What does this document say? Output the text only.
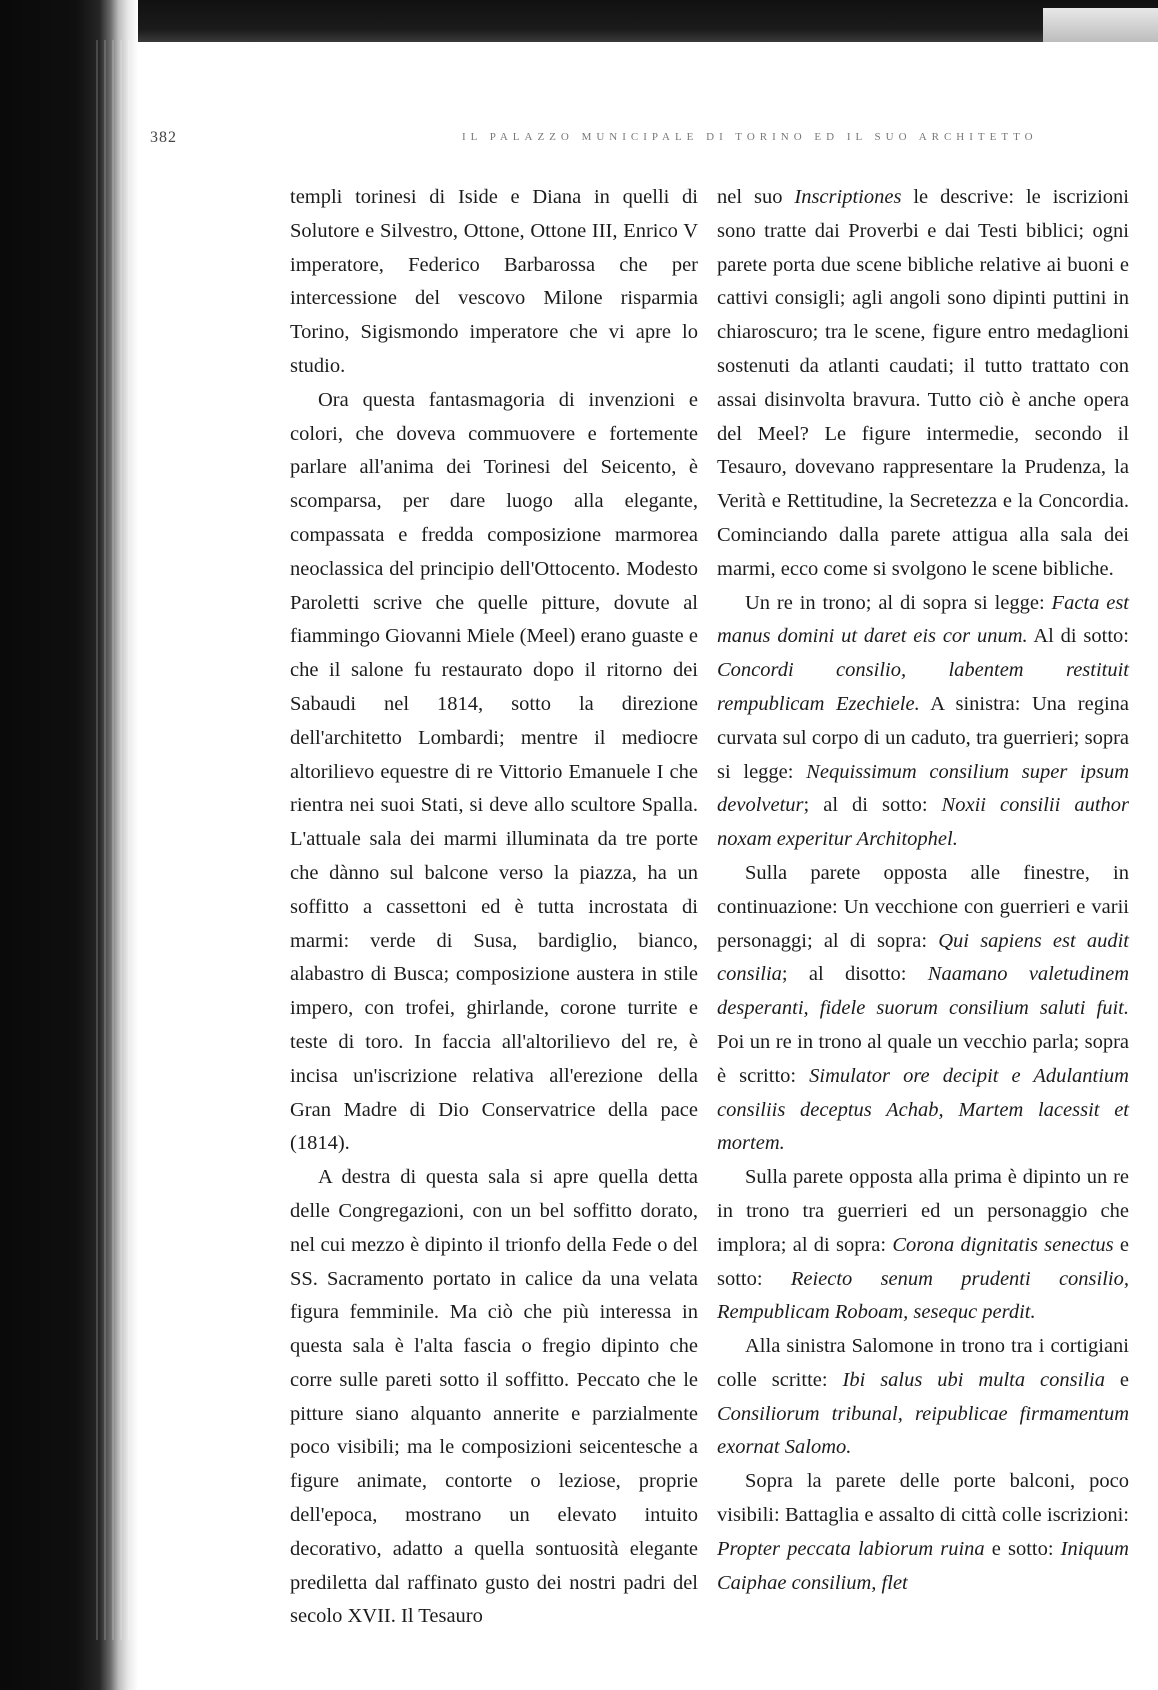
382	IL PALAZZO MUNICIPALE DI TORINO ED IL SUO ARCHITETTO

templi torinesi di Iside e Diana in quelli di Solutore e Silvestro, Ottone, Ottone III, Enrico V imperatore, Federico Barbarossa che per intercessione del vescovo Milone risparmia Torino, Sigismondo imperatore che vi apre lo studio.

Ora questa fantasmagoria di invenzioni e colori, che doveva commuovere e fortemente parlare all'anima dei Torinesi del Seicento, è scomparsa, per dare luogo alla elegante, compassata e fredda composizione marmorea neoclassica del principio dell'Ottocento. Modesto Paroletti scrive che quelle pitture, dovute al fiammingo Giovanni Miele (Meel) erano guaste e che il salone fu restaurato dopo il ritorno dei Sabaudi nel 1814, sotto la direzione dell'architetto Lombardi; mentre il mediocre altorilievo equestre di re Vittorio Emanuele I che rientra nei suoi Stati, si deve allo scultore Spalla. L'attuale sala dei marmi illuminata da tre porte che dànno sul balcone verso la piazza, ha un soffitto a cassettoni ed è tutta incrostata di marmi: verde di Susa, bardiglio, bianco, alabastro di Busca; composizione austera in stile impero, con trofei, ghirlande, corone turrite e teste di toro. In faccia all'altorilievo del re, è incisa un'iscrizione relativa all'erezione della Gran Madre di Dio Conservatrice della pace (1814).

A destra di questa sala si apre quella detta delle Congregazioni, con un bel soffitto dorato, nel cui mezzo è dipinto il trionfo della Fede o del SS. Sacramento portato in calice da una velata figura femminile. Ma ciò che più interessa in questa sala è l'alta fascia o fregio dipinto che corre sulle pareti sotto il soffitto. Peccato che le pitture siano alquanto annerite e parzialmente poco visibili; ma le composizioni seicentesche a figure animate, contorte o leziose, proprie dell'epoca, mostrano un elevato intuito decorativo, adatto a quella sontuosità elegante prediletta dal raffinato gusto dei nostri padri del secolo XVII. Il Tesauro

nel suo Inscriptiones le descrive: le iscrizioni sono tratte dai Proverbi e dai Testi biblici; ogni parete porta due scene bibliche relative ai buoni e cattivi consigli; agli angoli sono dipinti puttini in chiaroscuro; tra le scene, figure entro medaglioni sostenuti da atlanti caudati; il tutto trattato con assai disinvolta bravura. Tutto ciò è anche opera del Meel? Le figure intermedie, secondo il Tesauro, dovevano rappresentare la Prudenza, la Verità e Rettitudine, la Secretezza e la Concordia. Cominciando dalla parete attigua alla sala dei marmi, ecco come si svolgono le scene bibliche.

Un re in trono; al di sopra si legge: Facta est manus domini ut daret eis cor unum. Al di sotto: Concordi consilio, labentem restituit rempublicam Ezechiele. A sinistra: Una regina curvata sul corpo di un caduto, tra guerrieri; sopra si legge: Nequissimum consilium super ipsum devolvetur; al di sotto: Noxii consilii author noxam experitur Architophel.

Sulla parete opposta alle finestre, in continuazione: Un vecchione con guerrieri e varii personaggi; al di sopra: Qui sapiens est audit consilia; al disotto: Naamano valetudinem desperanti, fidele suorum consilium saluti fuit. Poi un re in trono al quale un vecchio parla; sopra è scritto: Simulator ore decipit e Adulantium consiliis deceptus Achab, Martem lacessit et mortem.

Sulla parete opposta alla prima è dipinto un re in trono tra guerrieri ed un personaggio che implora; al di sopra: Corona dignitatis senectus e sotto: Reiecto senum prudenti consilio, Rempublicam Roboam, sesequc perdit.

Alla sinistra Salomone in trono tra i cortigiani colle scritte: Ibi salus ubi multa consilia e Consiliorum tribunal, reipublicae firmamentum exornat Salomo.

Sopra la parete delle porte balconi, poco visibili: Battaglia e assalto di città colle iscrizioni: Propter peccata labiorum ruina e sotto: Iniquum Caiphae consilium, flet
